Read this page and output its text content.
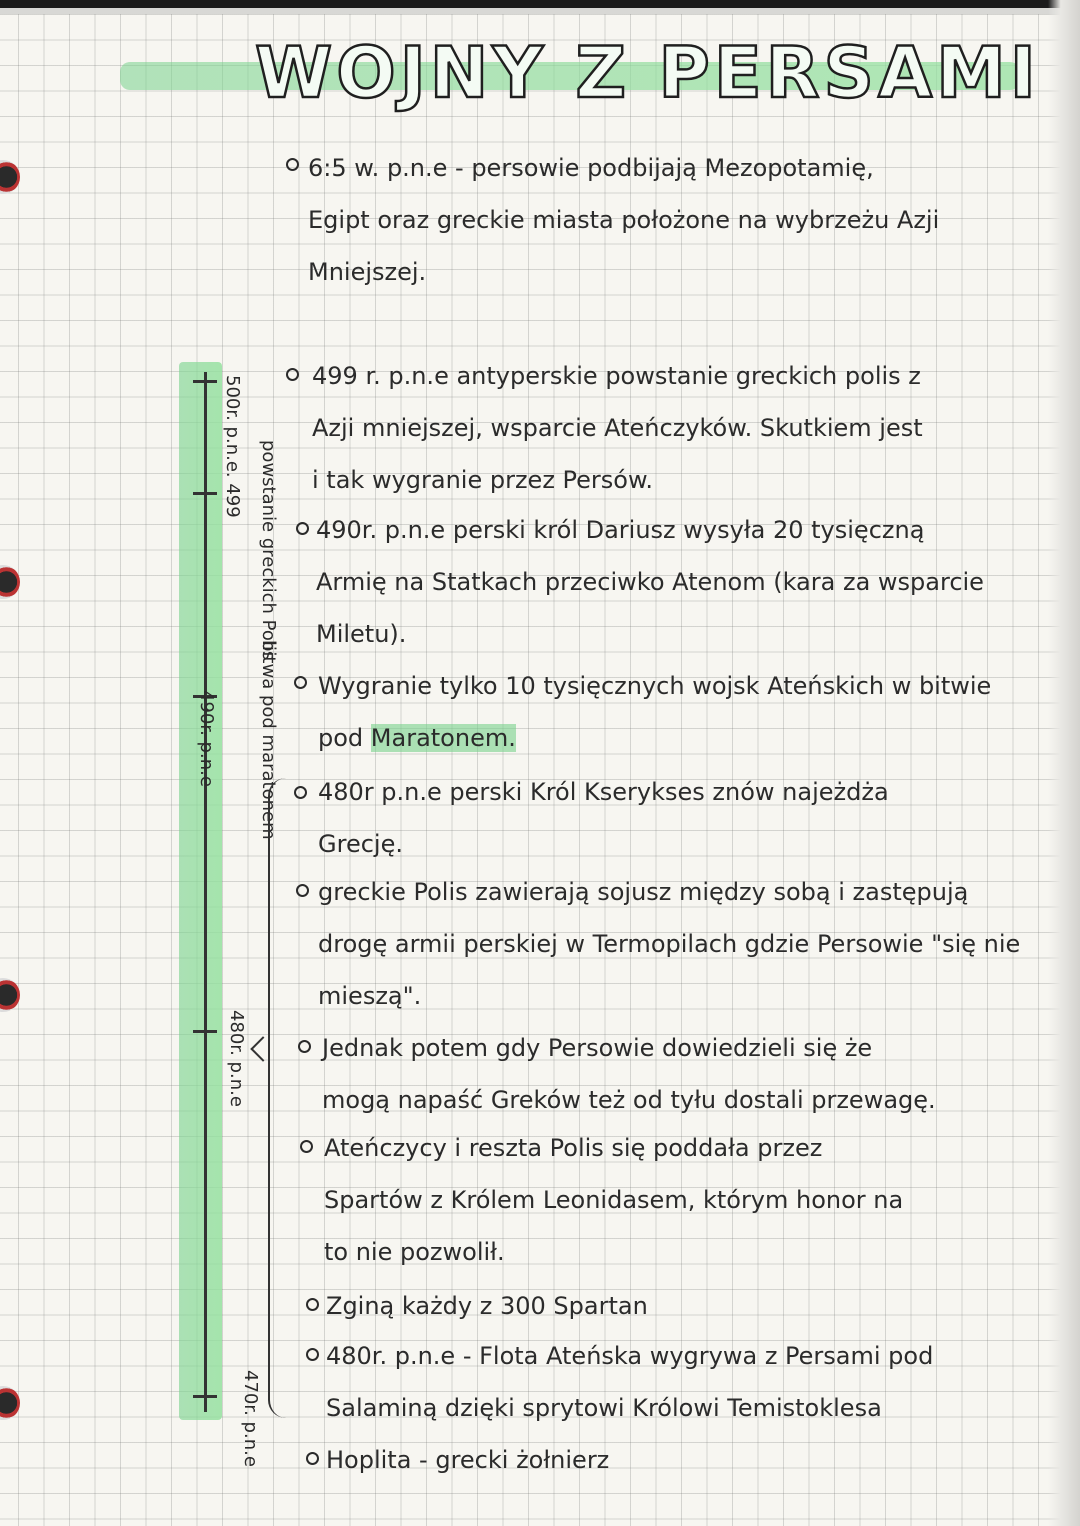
WOJNY Z PERSAMI
500r. p.n.e. 499
490r. p.n.e
480r. p.n.e
470r. p.n.e
powstanie greckich Polis
bitwa pod maratonem
6:5 w. p.n.e - persowie podbijają Mezopotamię,
Egipt oraz greckie miasta położone na wybrzeżu Azji
Mniejszej.
499 r. p.n.e antyperskie powstanie greckich polis z
Azji mniejszej, wsparcie Ateńczyków. Skutkiem jest
i tak wygranie przez Persów.
490r. p.n.e perski król Dariusz wysyła 20 tysięczną
Armię na Statkach przeciwko Atenom (kara za wsparcie
Miletu).
Wygranie tylko 10 tysięcznych wojsk Ateńskich w bitwie
pod Maratonem.
480r p.n.e perski Król Kserykses znów najeżdża
Grecję.
greckie Polis zawierają sojusz między sobą i zastępują
drogę armii perskiej w Termopilach gdzie Persowie "się nie
mieszą".
Jednak potem gdy Persowie dowiedzieli się że
mogą napaść Greków też od tyłu dostali przewagę.
Ateńczycy i reszta Polis się poddała przez
Spartów z Królem Leonidasem, którym honor na
to nie pozwolił.
Zginą każdy z 300 Spartan
480r. p.n.e - Flota Ateńska wygrywa z Persami pod
Salaminą dzięki sprytowi Królowi Temistoklesa
Hoplita - grecki żołnierz
